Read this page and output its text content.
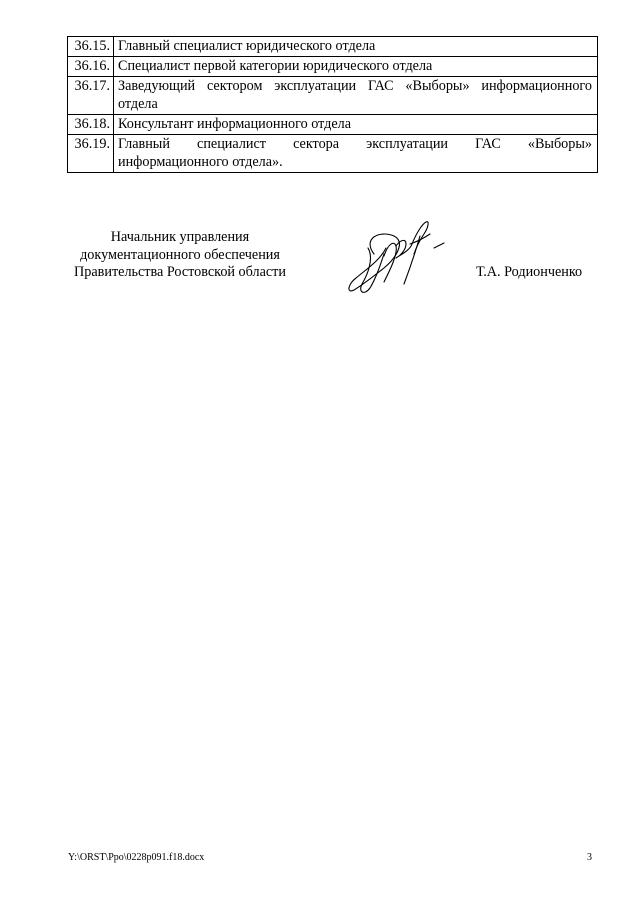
36.15.	Главный специалист юридического отдела
36.16.	Специалист первой категории юридического отдела
36.17.	Заведующий сектором эксплуатации ГАС «Выборы» информационного отдела
36.18.	Консультант информационного отдела
36.19.	Главный специалист сектора эксплуатации ГАС «Выборы»
информационного отдела».
Начальник управления
документационного обеспечения
Правительства Ростовской области	Т.А. Родионченко
Y:\ORST\Ppo\0228p091.f18.docx	3
